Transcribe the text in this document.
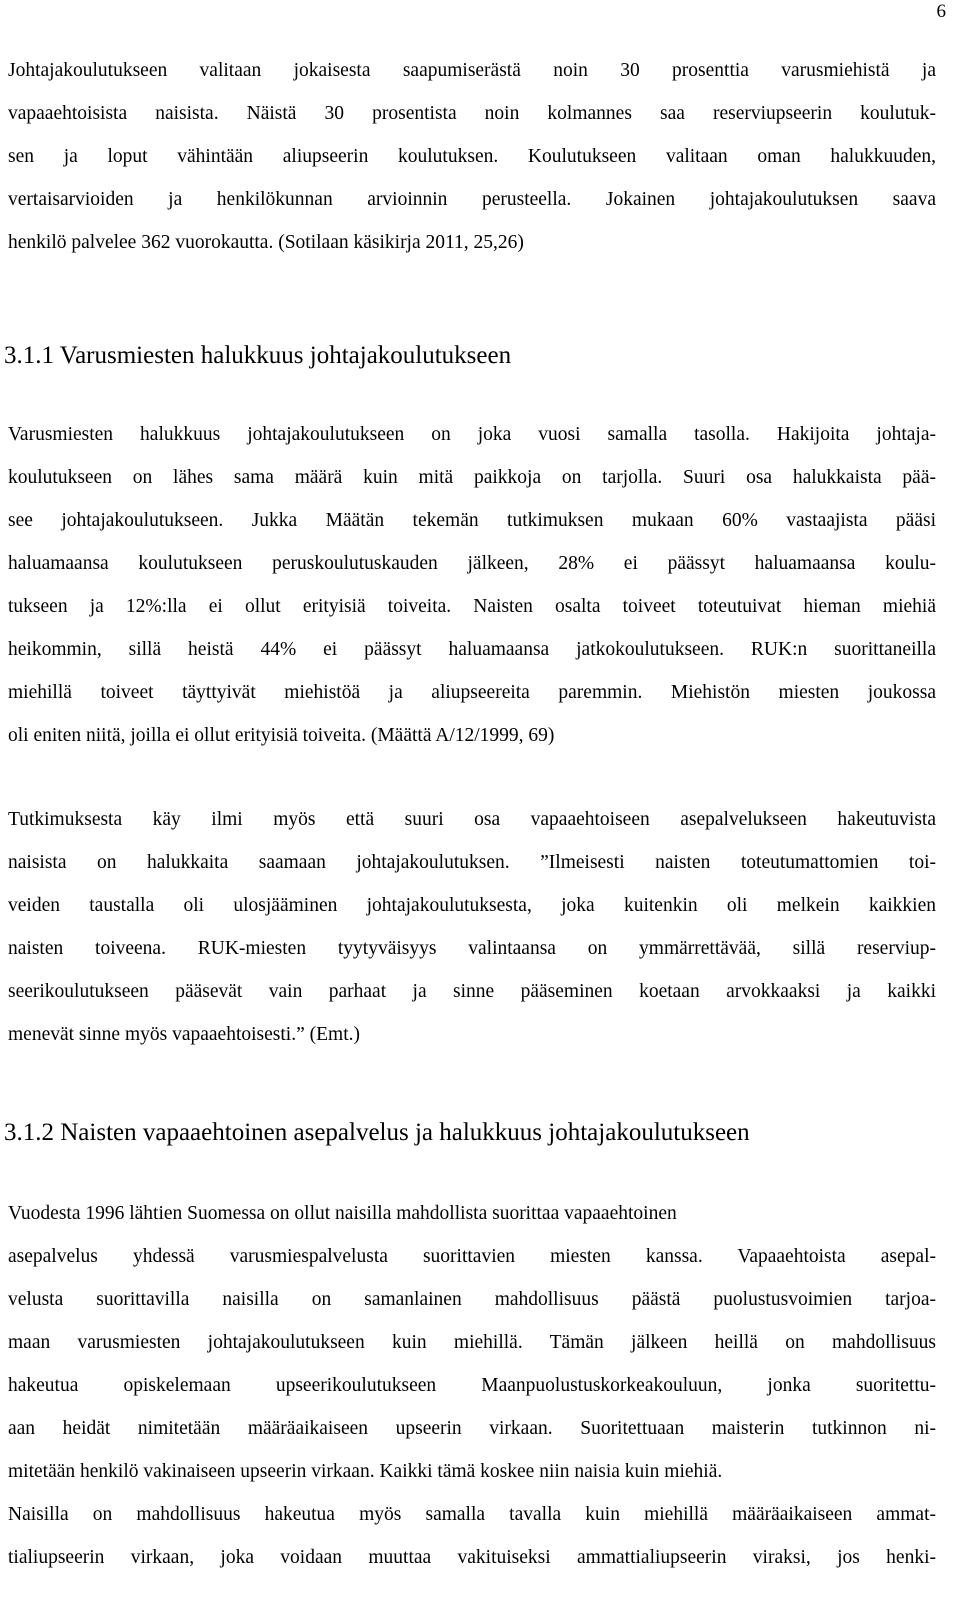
6
Johtajakoulutukseen valitaan jokaisesta saapumiserästä noin 30 prosenttia varusmiehistä ja
vapaaehtoisista naisista. Näistä 30 prosentista noin kolmannes saa reserviupseerin koulutuk-
sen ja loput vähintään aliupseerin koulutuksen. Koulutukseen valitaan oman halukkuuden,
vertaisarvioiden ja henkilökunnan arvioinnin perusteella. Jokainen johtajakoulutuksen saava
henkilö palvelee 362 vuorokautta. (Sotilaan käsikirja 2011, 25,26)
3.1.1 Varusmiesten halukkuus johtajakoulutukseen
Varusmiesten halukkuus johtajakoulutukseen on joka vuosi samalla tasolla. Hakijoita johtaja-
koulutukseen on lähes sama määrä kuin mitä paikkoja on tarjolla. Suuri osa halukkaista pää-
see johtajakoulutukseen. Jukka Määtän tekemän tutkimuksen mukaan 60% vastaajista pääsi
haluamaansa koulutukseen peruskoulutuskauden jälkeen, 28% ei päässyt haluamaansa koulu-
tukseen ja 12%:lla ei ollut erityisiä toiveita. Naisten osalta toiveet toteutuivat hieman miehiä
heikommin, sillä heistä 44% ei päässyt haluamaansa jatkokoulutukseen. RUK:n suorittaneilla
miehillä toiveet täyttyivät miehistöä ja aliupseereita paremmin. Miehistön miesten joukossa
oli eniten niitä, joilla ei ollut erityisiä toiveita. (Määttä A/12/1999, 69)
Tutkimuksesta käy ilmi myös että suuri osa vapaaehtoiseen asepalvelukseen hakeutuvista
naisista on halukkaita saamaan johtajakoulutuksen. ”Ilmeisesti naisten toteutumattomien toi-
veiden taustalla oli ulosjääminen johtajakoulutuksesta, joka kuitenkin oli melkein kaikkien
naisten toiveena. RUK-miesten tyytyväisyys valintaansa on ymmärrettävää, sillä reserviup-
seerikoulutukseen pääsevät vain parhaat ja sinne pääseminen koetaan arvokkaaksi ja kaikki
menevät sinne myös vapaaehtoisesti.” (Emt.)
3.1.2 Naisten vapaaehtoinen asepalvelus ja halukkuus johtajakoulutukseen
Vuodesta 1996 lähtien Suomessa on ollut naisilla mahdollista suorittaa vapaaehtoinen
asepalvelus yhdessä varusmiespalvelusta suorittavien miesten kanssa. Vapaaehtoista asepal-
velusta suorittavilla naisilla on samanlainen mahdollisuus päästä puolustusvoimien tarjoa-
maan varusmiesten johtajakoulutukseen kuin miehillä. Tämän jälkeen heillä on mahdollisuus
hakeutua opiskelemaan upseerikoulutukseen Maanpuolustuskorkeakouluun, jonka suoritettu-
aan heidät nimitetään määräaikaiseen upseerin virkaan. Suoritettuaan maisterin tutkinnon ni-
mitetään henkilö vakinaiseen upseerin virkaan. Kaikki tämä koskee niin naisia kuin miehiä.
Naisilla on mahdollisuus hakeutua myös samalla tavalla kuin miehillä määräaikaiseen ammat-
tialiupseerin virkaan, joka voidaan muuttaa vakituiseksi ammattialiupseerin viraksi, jos henki-
